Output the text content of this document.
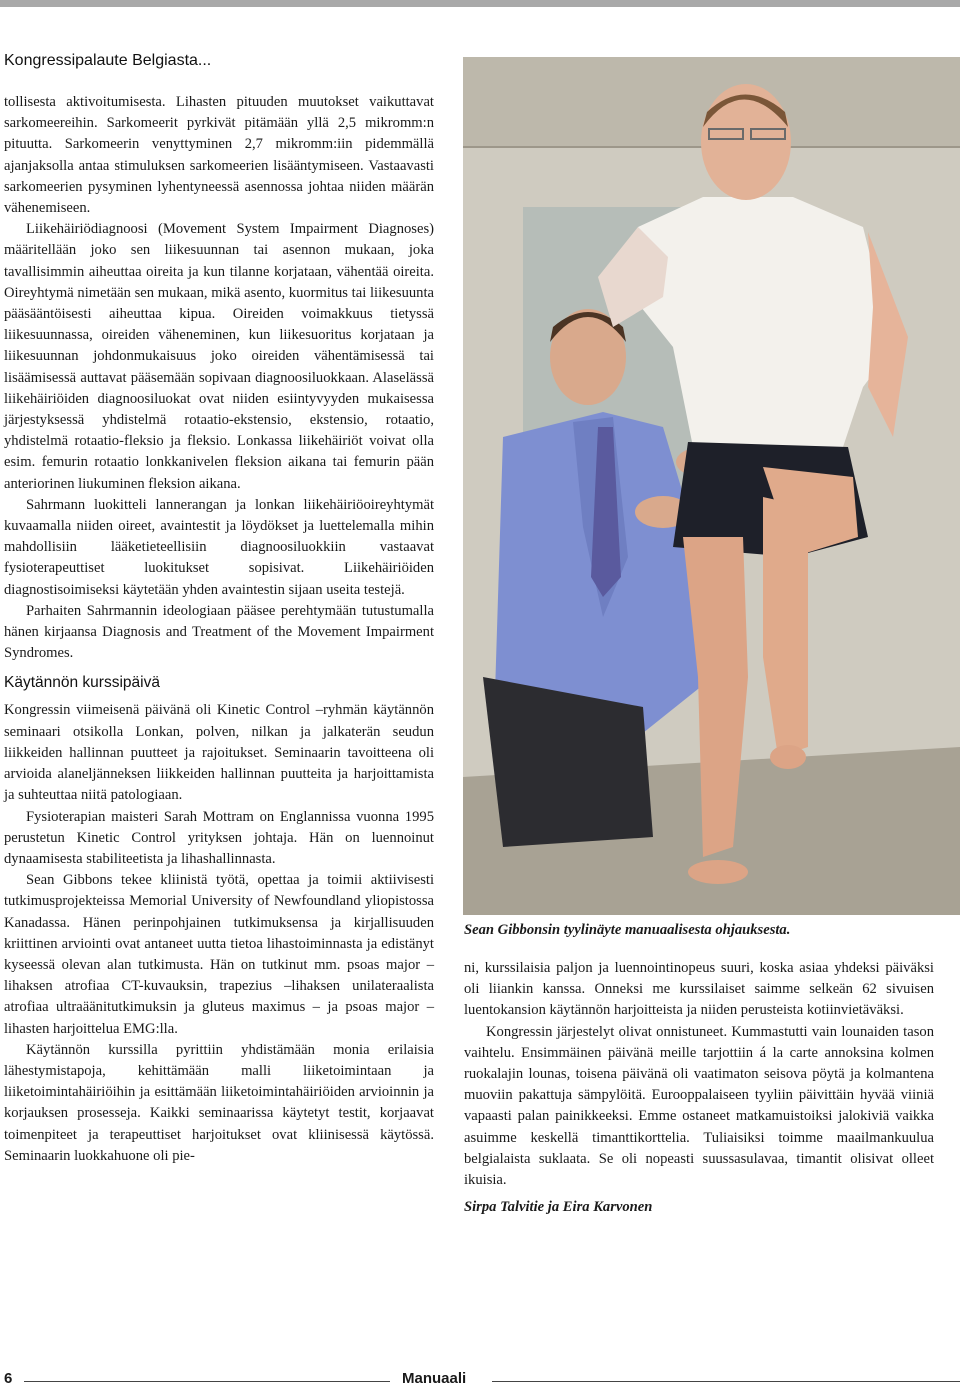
Kongressipalaute Belgiasta...

tollisesta aktivoitumisesta. Lihasten pituuden muutokset vaikuttavat sarkomeereihin. Sarkomeerit pyrkivät pitämään yllä 2,5 mikromm:n pituutta. Sarkomeerin venyttyminen 2,7 mikromm:iin pidemmällä ajanjaksolla antaa stimuluksen sarkomeerien lisääntymiseen. Vastaavasti sarkomeerien pysyminen lyhentyneessä asennossa johtaa niiden määrän vähenemiseen.

Liikehäiriödiagnoosi (Movement System Impairment Diagnoses) määritellään joko sen liikesuunnan tai asennon mukaan, joka tavallisimmin aiheuttaa oireita ja kun tilanne korjataan, vähentää oireita. Oireyhtymä nimetään sen mukaan, mikä asento, kuormitus tai liikesuunta pääsääntöisesti aiheuttaa kipua. Oireiden voimakkuus tietyssä liikesuunnassa, oireiden väheneminen, kun liikesuoritus korjataan ja liikesuunnan johdonmukaisuus joko oireiden vähentämisessä tai lisäämisessä auttavat pääsemään sopivaan diagnoosiluokkaan. Alaselässä liikehäiriöiden diagnoosiluokat ovat niiden esiintyvyyden mukaisessa järjestyksessä yhdistelmä rotaatio-ekstensio, ekstensio, rotaatio, yhdistelmä rotaatio-fleksio ja fleksio. Lonkassa liikehäiriöt voivat olla esim. femurin rotaatio lonkkanivelen fleksion aikana tai femurin pään anteriorinen liukuminen fleksion aikana.

Sahrmann luokitteli lannerangan ja lonkan liikehäiriöoireyhtymät kuvaamalla niiden oireet, avaintestit ja löydökset ja luettelemalla mihin mahdollisiin lääketieteellisiin diagnoosiluokkiin vastaavat fysioterapeuttiset luokitukset sopisivat. Liikehäiriöiden diagnostisoimiseksi käytetään yhden avaintestin sijaan useita testejä.

Parhaiten Sahrmannin ideologiaan pääsee perehtymään tutustumalla hänen kirjaansa Diagnosis and Treatment of the Movement Impairment Syndromes.

Käytännön kurssipäivä

Kongressin viimeisenä päivänä oli Kinetic Control –ryhmän käytännön seminaari otsikolla Lonkan, polven, nilkan ja jalkaterän seudun liikkeiden hallinnan puutteet ja rajoitukset. Seminaarin tavoitteena oli arvioida alaneljänneksen liikkeiden hallinnan puutteita ja harjoittamista ja suhteuttaa niitä patologiaan.

Fysioterapian maisteri Sarah Mottram on Englannissa vuonna 1995 perustetun Kinetic Control yrityksen johtaja. Hän on luennoinut dynaamisesta stabiliteetista ja lihashallinnasta.

Sean Gibbons tekee kliinistä työtä, opettaa ja toimii aktiivisesti tutkimusprojekteissa Memorial University of Newfoundland yliopistossa Kanadassa. Hänen perinpohjainen tutkimuksensa ja kirjallisuuden kriittinen arviointi ovat antaneet uutta tietoa lihastoiminnasta ja edistänyt kyseessä olevan alan tutkimusta. Hän on tutkinut mm. psoas major –lihaksen atrofiaa CT-kuvauksin, trapezius –lihaksen unilateraalista atrofiaa ultraäänitutkimuksin ja gluteus maximus – ja psoas major –lihasten harjoittelua EMG:lla.

Käytännön kurssilla pyrittiin yhdistämään monia erilaisia lähestymistapoja, kehittämään malli liiketoimintaan ja liiketoimintahäiriöihin ja esittämään liiketoimintahäiriöiden arvioinnin ja korjauksen prosesseja. Kaikki seminaarissa käytetyt testit, korjaavat toimenpiteet ja terapeuttiset harjoitukset ovat kliinisessä käytössä. Seminaarin luokkahuone oli pie-

Sean Gibbonsin tyylinäyte manuaalisesta ohjauksesta.

ni, kurssilaisia paljon ja luennointinopeus suuri, koska asiaa yhdeksi päiväksi oli liiankin kanssa. Onneksi me kurssilaiset saimme selkeän 62 sivuisen luentokansion käytännön harjoitteista ja niiden perusteista kotiinvietäväksi.

Kongressin järjestelyt olivat onnistuneet. Kummastutti vain lounaiden tason vaihtelu. Ensimmäinen päivänä meille tarjottiin á la carte annoksina kolmen ruokalajin lounas, toisena päivänä oli vaatimaton seisova pöytä ja kolmantena muoviin pakattuja sämpylöitä. Eurooppalaiseen tyyliin päivittäin hyvää viiniä vapaasti palan painikkeeksi. Emme ostaneet matkamuistoiksi jalokiviä vaikka asuimme keskellä timanttikorttelia. Tuliaisiksi toimme maailmankuulua belgialaista suklaata. Se oli nopeasti suussasulavaa, timantit olisivat olleet ikuisia.

Sirpa Talvitie ja Eira Karvonen

6	Manuaali
